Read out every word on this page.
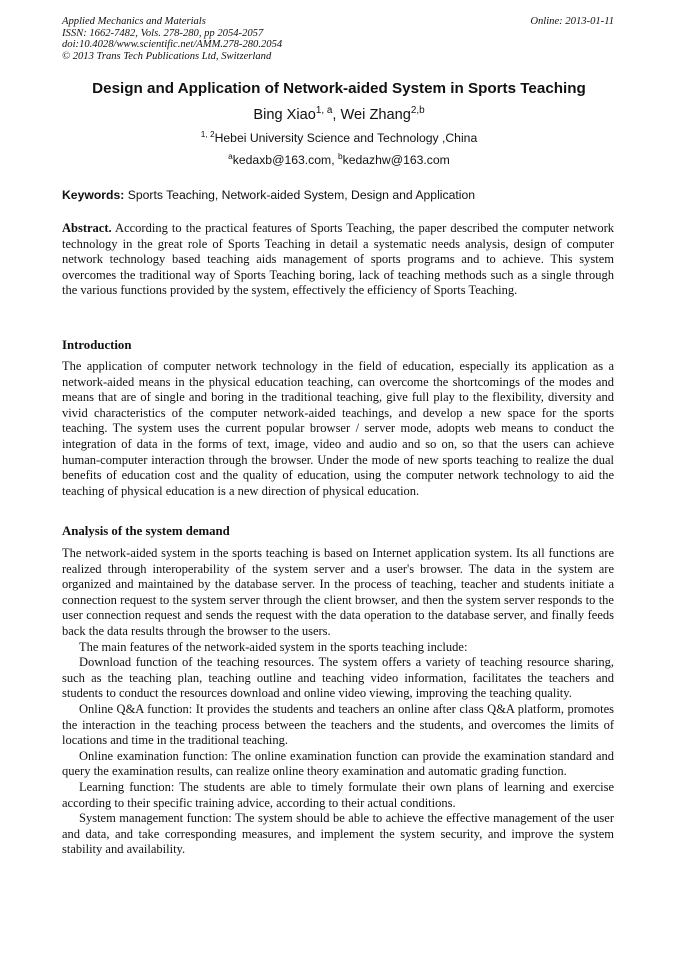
Applied Mechanics and Materials
ISSN: 1662-7482, Vols. 278-280, pp 2054-2057
doi:10.4028/www.scientific.net/AMM.278-280.2054
© 2013 Trans Tech Publications Ltd, Switzerland
Online: 2013-01-11
Design and Application of Network-aided System in Sports Teaching
Bing Xiao$^{1, a}$, Wei Zhang$^{2,b}$
$^{1, 2}$Hebei University Science and Technology ,China
$^a$kedaxb@163.com, $^b$kedazhw@163.com
Keywords: Sports Teaching, Network-aided System, Design and Application

Abstract. According to the practical features of Sports Teaching, the paper described the computer network technology in the great role of Sports Teaching in detail a systematic needs analysis, design of computer network technology based teaching aids management of sports programs and to achieve. This system overcomes the traditional way of Sports Teaching boring, lack of teaching methods such as a single through the various functions provided by the system, effectively the efficiency of Sports Teaching.

Introduction

The application of computer network technology in the field of education, especially its application as a network-aided means in the physical education teaching, can overcome the shortcomings of the modes and means that are of single and boring in the traditional teaching, give full play to the flexibility, diversity and vivid characteristics of the computer network-aided teachings, and develop a new space for the sports teaching. The system uses the current popular browser / server mode, adopts web means to conduct the integration of data in the forms of text, image, video and audio and so on, so that the users can achieve human-computer interaction through the browser. Under the mode of new sports teaching to realize the dual benefits of education cost and the quality of education, using the computer network technology to aid the teaching of physical education is a new direction of physical education.

Analysis of the system demand

The network-aided system in the sports teaching is based on Internet application system. Its all functions are realized through interoperability of the system server and a user's browser. The data in the system are organized and maintained by the database server. In the process of teaching, teacher and students initiate a connection request to the system server through the client browser, and then the system server responds to the user connection request and sends the request with the data operation to the database server, and finally feeds back the data results through the browser to the users.

The main features of the network-aided system in the sports teaching include:

Download function of the teaching resources. The system offers a variety of teaching resource sharing, such as the teaching plan, teaching outline and teaching video information, facilitates the teachers and students to conduct the resources download and online video viewing, improving the teaching quality.

Online Q&A function: It provides the students and teachers an online after class Q&A platform, promotes the interaction in the teaching process between the teachers and the students, and overcomes the limits of locations and time in the traditional teaching.

Online examination function: The online examination function can provide the examination standard and query the examination results, can realize online theory examination and automatic grading function.

Learning function: The students are able to timely formulate their own plans of learning and exercise according to their specific training advice, according to their actual conditions.

System management function: The system should be able to achieve the effective management of the user and data, and take corresponding measures, and implement the system security, and improve the system stability and availability.
